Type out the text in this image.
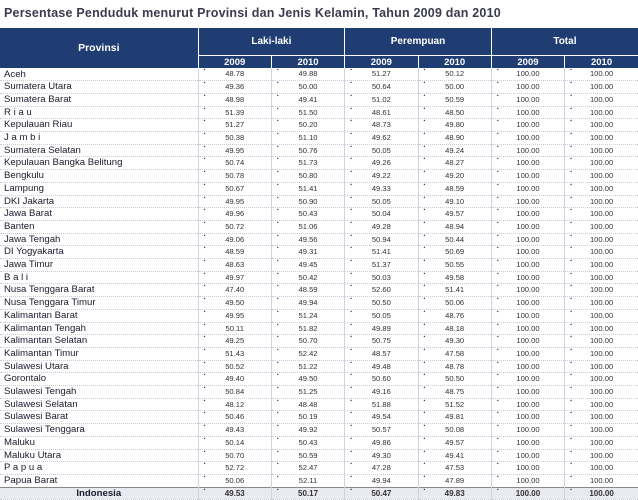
Persentase Penduduk menurut Provinsi dan Jenis Kelamin, Tahun 2009 dan 2010
Provinsi	Laki-laki		Perempuan		Total	
	2009	2010	2009	2010	2009	2010
Aceh	▪ 48.78	▪ 49.88	▪ 51.27	▪ 50.12	▪ 100.00	▪ 100.00
Sumatera Utara	▪ 49.36	▪ 50.00	▪ 50.64	▪ 50.00	▪ 100.00	▪ 100.00
Sumatera Barat	▪ 48.98	▪ 49.41	▪ 51.02	▪ 50.59	▪ 100.00	▪ 100.00
R i a u	▪ 51.39	▪ 51.50	▪ 48.61	▪ 48.50	▪ 100.00	▪ 100.00
Kepulauan Riau	▪ 51.27	▪ 50.20	▪ 48.73	▪ 49.80	▪ 100.00	▪ 100.00
J a m b i	▪ 50.38	▪ 51.10	▪ 49.62	▪ 48.90	▪ 100.00	▪ 100.00
Sumatera Selatan	▪ 49.95	▪ 50.76	▪ 50.05	▪ 49.24	▪ 100.00	▪ 100.00
Kepulauan Bangka Belitung	▪ 50.74	▪ 51.73	▪ 49.26	▪ 48.27	▪ 100.00	▪ 100.00
Bengkulu	▪ 50.78	▪ 50.80	▪ 49.22	▪ 49.20	▪ 100.00	▪ 100.00
Lampung	▪ 50.67	▪ 51.41	▪ 49.33	▪ 48.59	▪ 100.00	▪ 100.00
DKI Jakarta	▪ 49.95	▪ 50.90	▪ 50.05	▪ 49.10	▪ 100.00	▪ 100.00
Jawa Barat	▪ 49.96	▪ 50.43	▪ 50.04	▪ 49.57	▪ 100.00	▪ 100.00
Banten	▪ 50.72	▪ 51.06	▪ 49.28	▪ 48.94	▪ 100.00	▪ 100.00
Jawa Tengah	▪ 49.06	▪ 49.56	▪ 50.94	▪ 50.44	▪ 100.00	▪ 100.00
DI Yogyakarta	▪ 48.59	▪ 49.31	▪ 51.41	▪ 50.69	▪ 100.00	▪ 100.00
Jawa Timur	▪ 48.63	▪ 49.45	▪ 51.37	▪ 50.55	▪ 100.00	▪ 100.00
B a l i	▪ 49.97	▪ 50.42	▪ 50.03	▪ 49.58	▪ 100.00	▪ 100.00
Nusa Tenggara Barat	▪ 47.40	▪ 48.59	▪ 52.60	▪ 51.41	▪ 100.00	▪ 100.00
Nusa Tenggara Timur	▪ 49.50	▪ 49.94	▪ 50.50	▪ 50.06	▪ 100.00	▪ 100.00
Kalimantan Barat	▪ 49.95	▪ 51.24	▪ 50.05	▪ 48.76	▪ 100.00	▪ 100.00
Kalimantan Tengah	▪ 50.11	▪ 51.82	▪ 49.89	▪ 48.18	▪ 100.00	▪ 100.00
Kalimantan Selatan	▪ 49.25	▪ 50.70	▪ 50.75	▪ 49.30	▪ 100.00	▪ 100.00
Kalimantan Timur	▪ 51.43	▪ 52.42	▪ 48.57	▪ 47.58	▪ 100.00	▪ 100.00
Sulawesi Utara	▪ 50.52	▪ 51.22	▪ 49.48	▪ 48.78	▪ 100.00	▪ 100.00
Gorontalo	▪ 49.40	▪ 49.50	▪ 50.60	▪ 50.50	▪ 100.00	▪ 100.00
Sulawesi Tengah	▪ 50.84	▪ 51.25	▪ 49.16	▪ 48.75	▪ 100.00	▪ 100.00
Sulawesi Selatan	▪ 48.12	▪ 48.48	▪ 51.88	▪ 51.52	▪ 100.00	▪ 100.00
Sulawesi Barat	▪ 50.46	▪ 50.19	▪ 49.54	▪ 49.81	▪ 100.00	▪ 100.00
Sulawesi Tenggara	▪ 49.43	▪ 49.92	▪ 50.57	▪ 50.08	▪ 100.00	▪ 100.00
Maluku	▪ 50.14	▪ 50.43	▪ 49.86	▪ 49.57	▪ 100.00	▪ 100.00
Maluku Utara	▪ 50.70	▪ 50.59	▪ 49.30	▪ 49.41	▪ 100.00	▪ 100.00
P a p u a	▪ 52.72	▪ 52.47	▪ 47.28	▪ 47.53	▪ 100.00	▪ 100.00
Papua Barat	▪ 50.06	▪ 52.11	▪ 49.94	▪ 47.89	▪ 100.00	▪ 100.00
Indonesia	▪ 49.53	▪ 50.17	▪ 50.47	▪ 49.83	▪ 100.00	▪ 100.00
